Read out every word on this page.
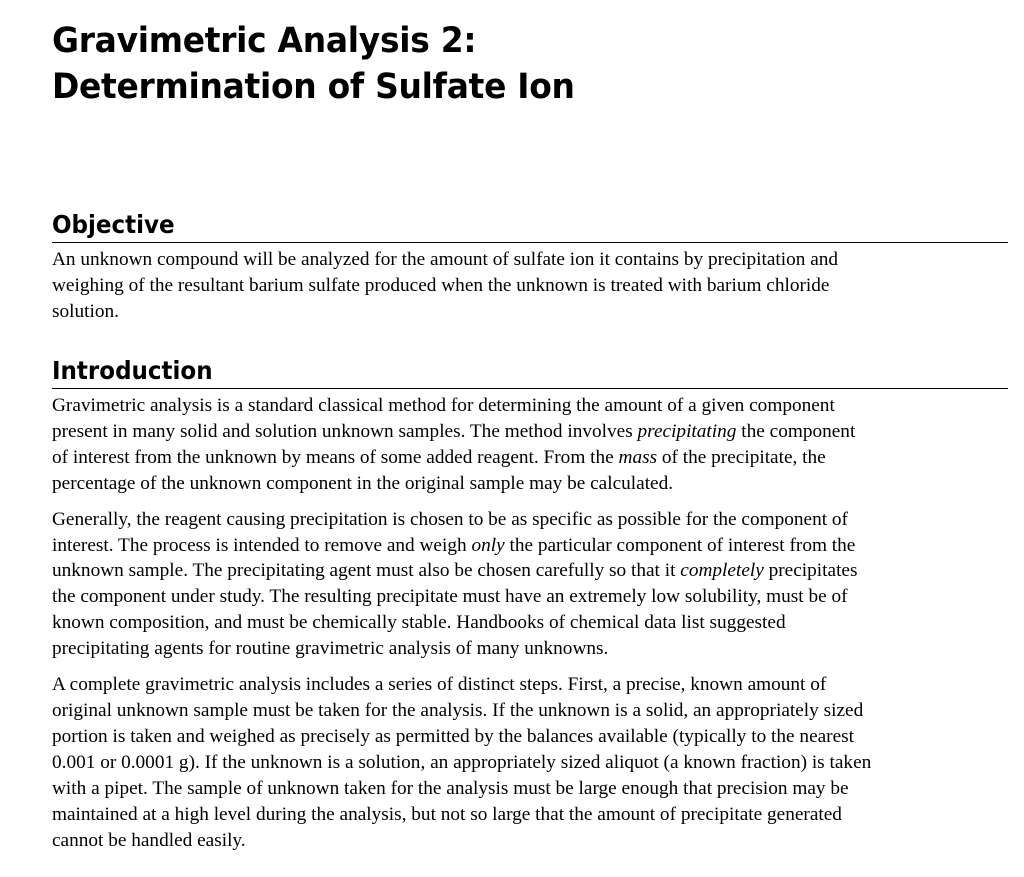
Gravimetric Analysis 2:
Determination of Sulfate Ion
Objective

An unknown compound will be analyzed for the amount of sulfate ion it contains by precipitation and
weighing of the resultant barium sulfate produced when the unknown is treated with barium chloride
solution.

Introduction

Gravimetric analysis is a standard classical method for determining the amount of a given component
present in many solid and solution unknown samples. The method involves precipitating the component
of interest from the unknown by means of some added reagent. From the mass of the precipitate, the
percentage of the unknown component in the original sample may be calculated.

Generally, the reagent causing precipitation is chosen to be as specific as possible for the component of
interest. The process is intended to remove and weigh only the particular component of interest from the
unknown sample. The precipitating agent must also be chosen carefully so that it completely precipitates
the component under study. The resulting precipitate must have an extremely low solubility, must be of
known composition, and must be chemically stable. Handbooks of chemical data list suggested
precipitating agents for routine gravimetric analysis of many unknowns.

A complete gravimetric analysis includes a series of distinct steps. First, a precise, known amount of
original unknown sample must be taken for the analysis. If the unknown is a solid, an appropriately sized
portion is taken and weighed as precisely as permitted by the balances available (typically to the nearest
0.001 or 0.0001 g). If the unknown is a solution, an appropriately sized aliquot (a known fraction) is taken
with a pipet. The sample of unknown taken for the analysis must be large enough that precision may be
maintained at a high level during the analysis, but not so large that the amount of precipitate generated
cannot be handled easily.
